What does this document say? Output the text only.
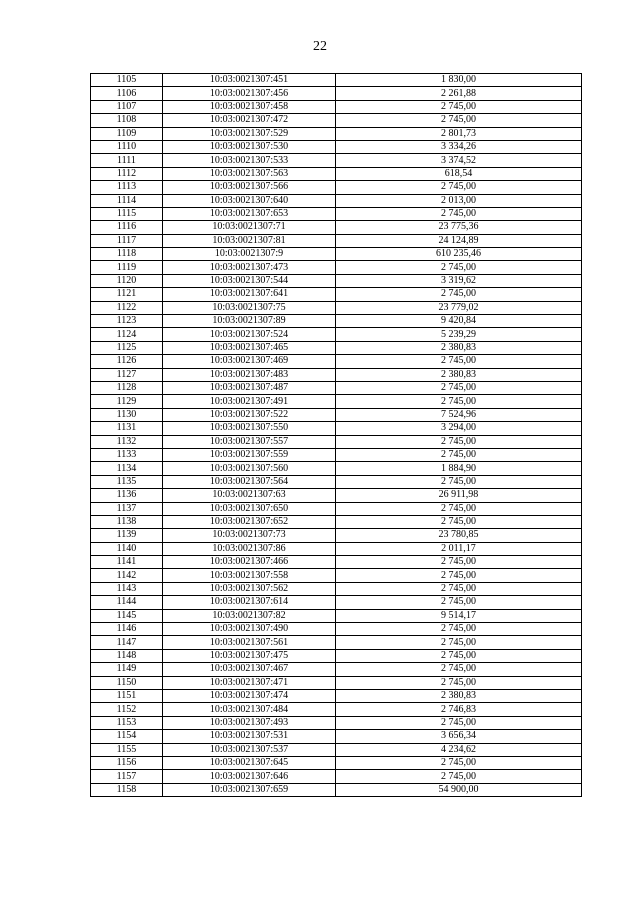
22
1105	10:03:0021307:451	1 830,00
1106	10:03:0021307:456	2 261,88
1107	10:03:0021307:458	2 745,00
1108	10:03:0021307:472	2 745,00
1109	10:03:0021307:529	2 801,73
1110	10:03:0021307:530	3 334,26
1111	10:03:0021307:533	3 374,52
1112	10:03:0021307:563	618,54
1113	10:03:0021307:566	2 745,00
1114	10:03:0021307:640	2 013,00
1115	10:03:0021307:653	2 745,00
1116	10:03:0021307:71	23 775,36
1117	10:03:0021307:81	24 124,89
1118	10:03:0021307:9	610 235,46
1119	10:03:0021307:473	2 745,00
1120	10:03:0021307:544	3 319,62
1121	10:03:0021307:641	2 745,00
1122	10:03:0021307:75	23 779,02
1123	10:03:0021307:89	9 420,84
1124	10:03:0021307:524	5 239,29
1125	10:03:0021307:465	2 380,83
1126	10:03:0021307:469	2 745,00
1127	10:03:0021307:483	2 380,83
1128	10:03:0021307:487	2 745,00
1129	10:03:0021307:491	2 745,00
1130	10:03:0021307:522	7 524,96
1131	10:03:0021307:550	3 294,00
1132	10:03:0021307:557	2 745,00
1133	10:03:0021307:559	2 745,00
1134	10:03:0021307:560	1 884,90
1135	10:03:0021307:564	2 745,00
1136	10:03:0021307:63	26 911,98
1137	10:03:0021307:650	2 745,00
1138	10:03:0021307:652	2 745,00
1139	10:03:0021307:73	23 780,85
1140	10:03:0021307:86	2 011,17
1141	10:03:0021307:466	2 745,00
1142	10:03:0021307:558	2 745,00
1143	10:03:0021307:562	2 745,00
1144	10:03:0021307:614	2 745,00
1145	10:03:0021307:82	9 514,17
1146	10:03:0021307:490	2 745,00
1147	10:03:0021307:561	2 745,00
1148	10:03:0021307:475	2 745,00
1149	10:03:0021307:467	2 745,00
1150	10:03:0021307:471	2 745,00
1151	10:03:0021307:474	2 380,83
1152	10:03:0021307:484	2 746,83
1153	10:03:0021307:493	2 745,00
1154	10:03:0021307:531	3 656,34
1155	10:03:0021307:537	4 234,62
1156	10:03:0021307:645	2 745,00
1157	10:03:0021307:646	2 745,00
1158	10:03:0021307:659	54 900,00
